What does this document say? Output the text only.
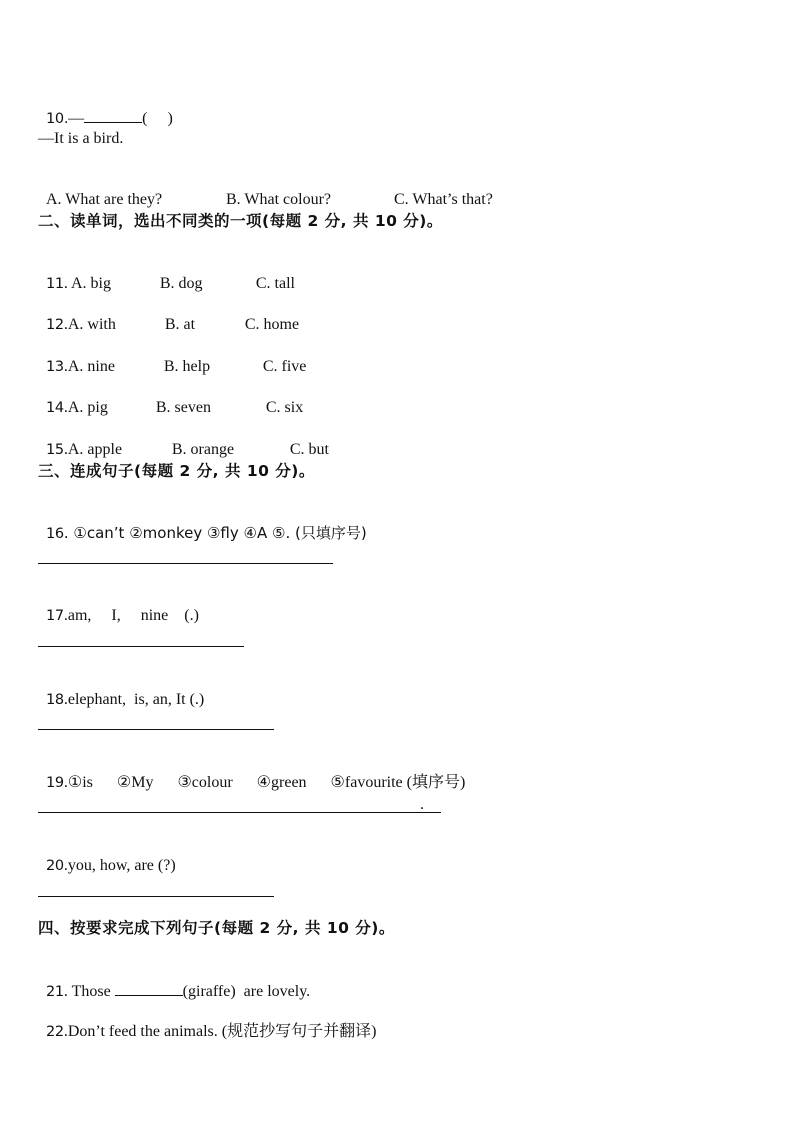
10.—	(     )

—It is a bird.

A. What are they?	B. What colour?	C. What’s that?

二、读单词，选出不同类的一项(每题 2 分, 共 10 分)。

11. A. big	B. dog	C. tall

12.A. with	B. at	C. home

13.A. nine	B. help	C. five

14.A. pig	B. seven	C. six

15.A. apple	B. orange	C. but

三、连成句子(每题 2 分, 共 10 分)。

16. ①can’t ②monkey ③fly ④A ⑤. (只填序号)

17.am,     I,     nine    (.)

18.elephant,  is, an, It (.)

19.①is      ②My      ③colour      ④green      ⑤favourite (填序号)

.

20.you, how, are (?)

四、按要求完成下列句子(每题 2 分, 共 10 分)。

21. Those	(giraffe)  are lovely.

22.Don’t feed the animals. (规范抄写句子并翻译)
